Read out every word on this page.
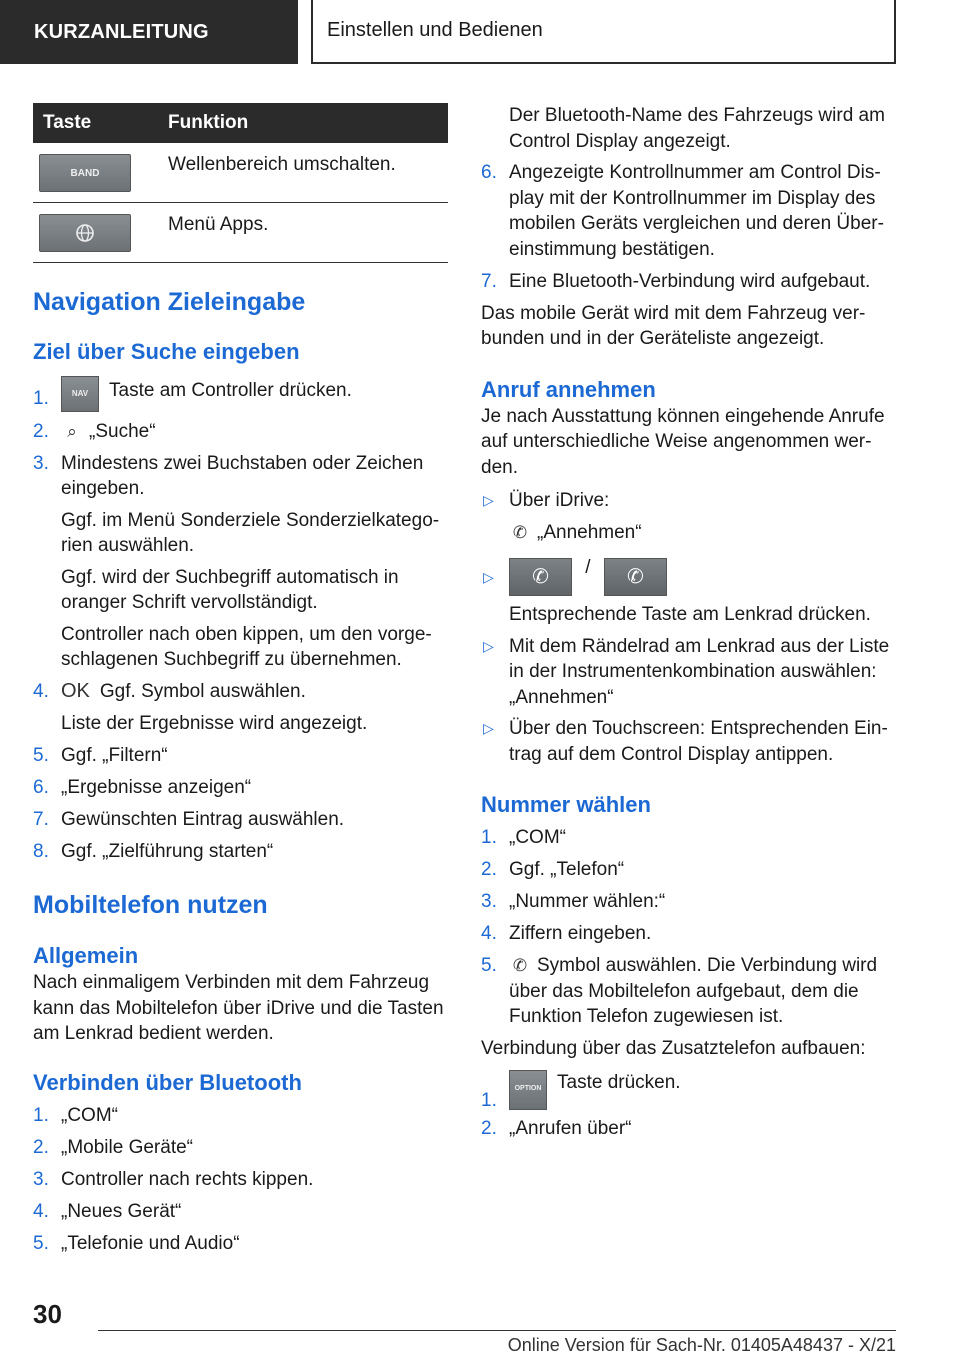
KURZANLEITUNG	Einstellen und Bedienen
Taste	Funktion
BAND	Wellenbereich umschalten.
Menü Apps.
Navigation Zieleingabe
Ziel über Suche eingeben
1.	NAV Taste am Controller drücken.
2. ⌕ „Suche“
3. Mindestens zwei Buchstaben oder Zeichen eingeben.
Ggf. im Menü Sonderziele Sonderzielkatego-rien auswählen.
Ggf. wird der Suchbegriff automatisch in oranger Schrift vervollständigt.
Controller nach oben kippen, um den vorge-schlagenen Suchbegriff zu übernehmen.
4. OK Ggf. Symbol auswählen.
Liste der Ergebnisse wird angezeigt.
5. Ggf. „Filtern“
6. „Ergebnisse anzeigen“
7. Gewünschten Eintrag auswählen.
8. Ggf. „Zielführung starten“
Mobiltelefon nutzen
Allgemein
Nach einmaligem Verbinden mit dem Fahrzeug kann das Mobiltelefon über iDrive und die Tasten am Lenkrad bedient werden.
Verbinden über Bluetooth
1. „COM“
2. „Mobile Geräte“
3. Controller nach rechts kippen.
4. „Neues Gerät“
5. „Telefonie und Audio“
Der Bluetooth-Name des Fahrzeugs wird am Control Display angezeigt.
6. Angezeigte Kontrollnummer am Control Dis-play mit der Kontrollnummer im Display des mobilen Geräts vergleichen und deren Über-einstimmung bestätigen.
7. Eine Bluetooth-Verbindung wird aufgebaut.
Das mobile Gerät wird mit dem Fahrzeug ver-bunden und in der Geräteliste angezeigt.
Anruf annehmen
Je nach Ausstattung können eingehende Anrufe auf unterschiedliche Weise angenommen wer-den.
▷ Über iDrive:
✆ „Annehmen“
▷ ✆ / ✆
Entsprechende Taste am Lenkrad drücken.
▷ Mit dem Rändelrad am Lenkrad aus der Liste in der Instrumentenkombination auswählen: „Annehmen“
▷ Über den Touchscreen: Entsprechenden Ein-trag auf dem Control Display antippen.
Nummer wählen
1. „COM“
2. Ggf. „Telefon“
3. „Nummer wählen:“
4. Ziffern eingeben.
5. ✆ Symbol auswählen. Die Verbindung wird über das Mobiltelefon aufgebaut, dem die Funktion Telefon zugewiesen ist.
Verbindung über das Zusatztelefon aufbauen:
1.
OPTION Taste drücken.
2. „Anrufen über“
30
Online Version für Sach-Nr. 01405A48437 - X/21
